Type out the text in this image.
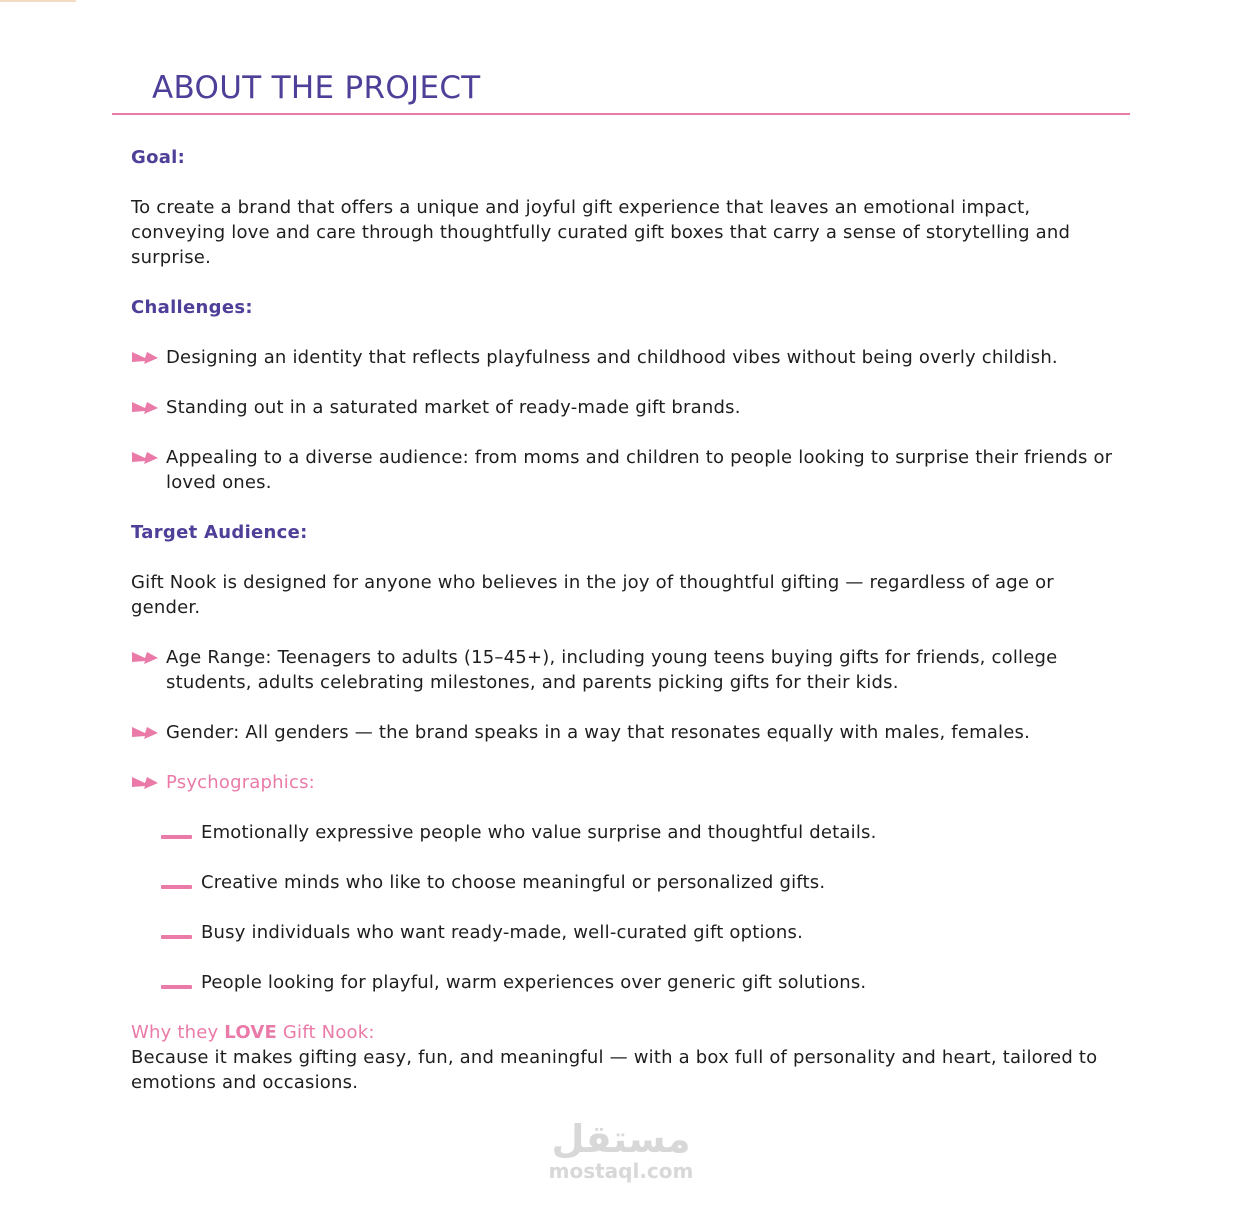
ABOUT THE PROJECT
Goal:
To create a brand that offers a unique and joyful gift experience that leaves an emotional impact, conveying love and care through thoughtfully curated gift boxes that carry a sense of storytelling and surprise.
Challenges:
Designing an identity that reflects playfulness and childhood vibes without being overly childish.
Standing out in a saturated market of ready-made gift brands.
Appealing to a diverse audience: from moms and children to people looking to surprise their friends or loved ones.
Target Audience:
Gift Nook is designed for anyone who believes in the joy of thoughtful gifting — regardless of age or gender.
Age Range: Teenagers to adults (15–45+), including young teens buying gifts for friends, college students, adults celebrating milestones, and parents picking gifts for their kids.
Gender: All genders — the brand speaks in a way that resonates equally with males, females.
Psychographics:
Emotionally expressive people who value surprise and thoughtful details.
Creative minds who like to choose meaningful or personalized gifts.
Busy individuals who want ready-made, well-curated gift options.
People looking for playful, warm experiences over generic gift solutions.
Why they LOVE Gift Nook:
Because it makes gifting easy, fun, and meaningful — with a box full of personality and heart, tailored to emotions and occasions.
مستقل
mostaql.com
